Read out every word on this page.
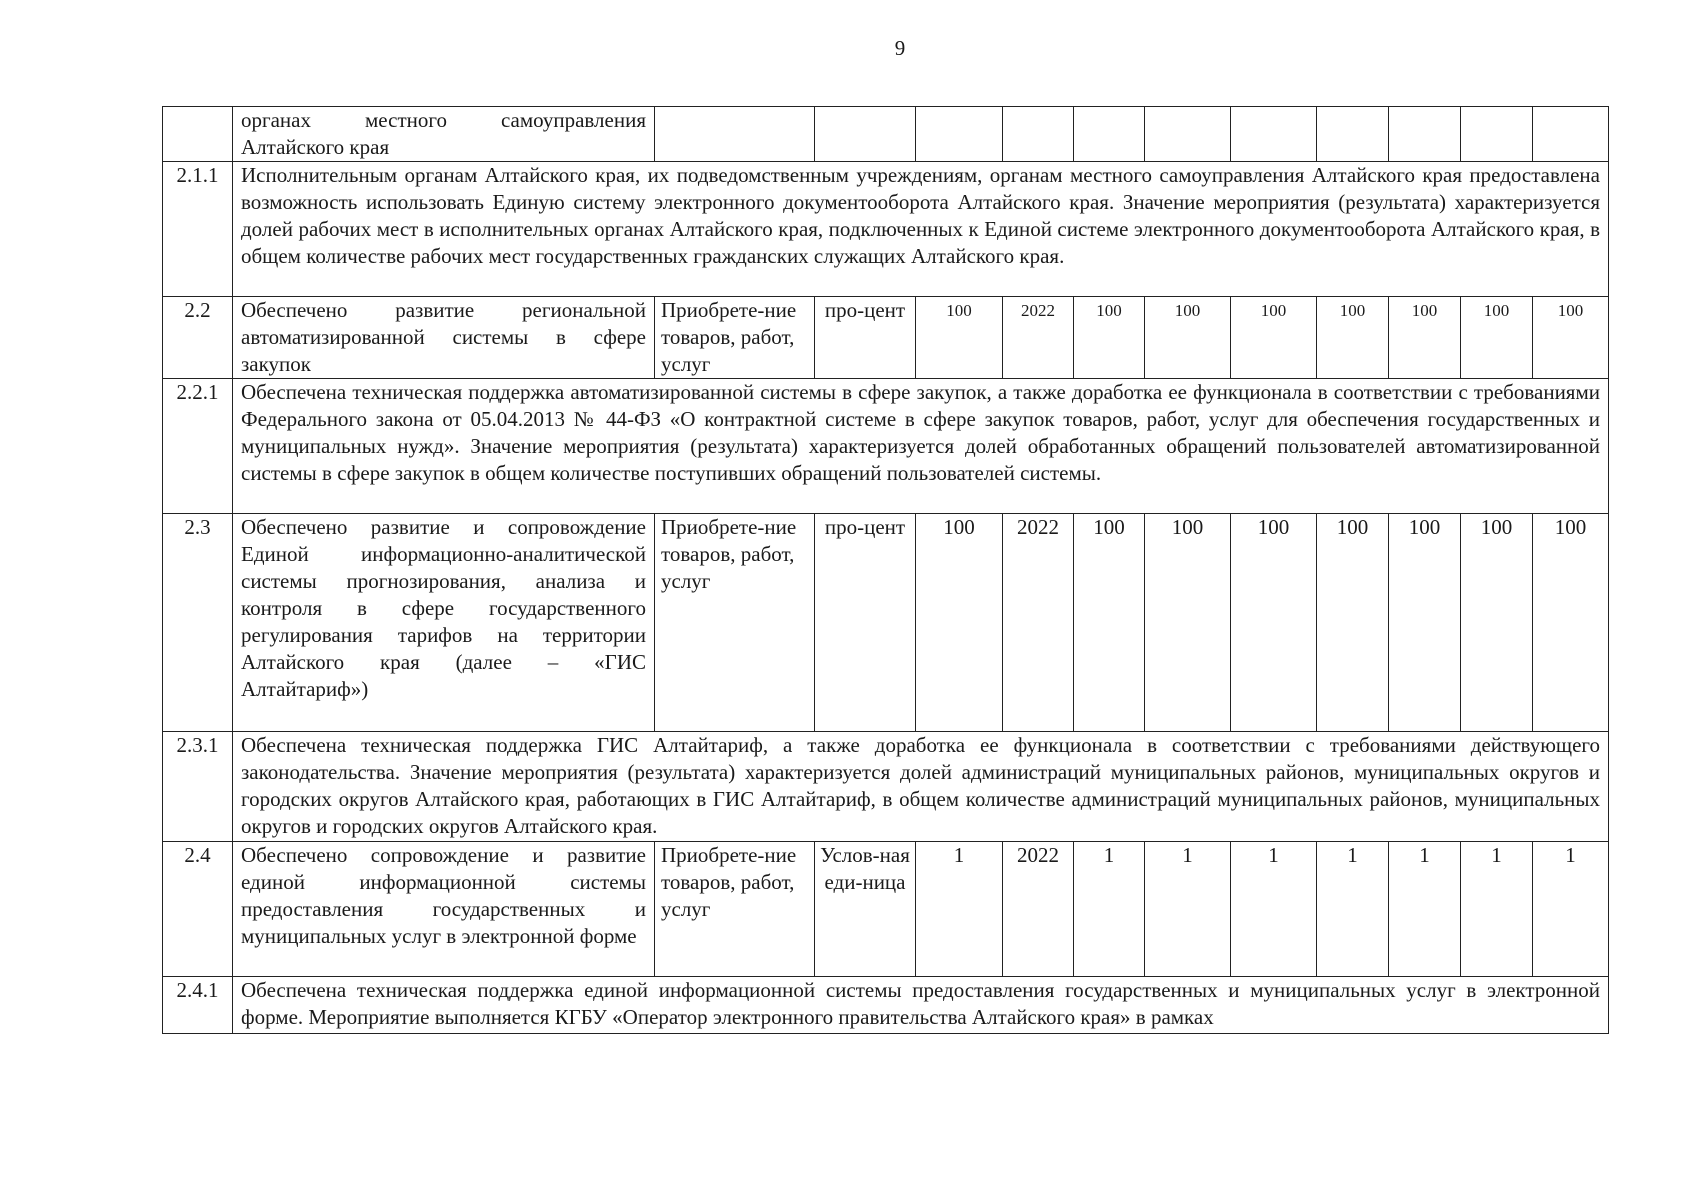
9
	органах местного самоуправления Алтайского края											
2.1.1	Исполнительным органам Алтайского края, их подведомственным учреждениям, органам местного самоуправления Алтайского края предоставлена возможность использовать Единую систему электронного документооборота Алтайского края. Значение мероприятия (результата) характеризуется долей рабочих мест в исполнительных органах Алтайского края, подключенных к Единой системе электронного документооборота Алтайского края, в общем количестве рабочих мест государственных гражданских служащих Алтайского края.											
2.2	Обеспечено развитие региональной автоматизированной системы в сфере закупок	Приобрете-ние товаров, работ, услуг	про-цент	100	2022	100	100	100	100	100	100	100
2.2.1	Обеспечена техническая поддержка автоматизированной системы в сфере закупок, а также доработка ее функционала в соответствии с требованиями Федерального закона от 05.04.2013 № 44-ФЗ «О контрактной системе в сфере закупок товаров, работ, услуг для обеспечения государственных и муниципальных нужд». Значение мероприятия (результата) характеризуется долей обработанных обращений пользователей автоматизированной системы в сфере закупок в общем количестве поступивших обращений пользователей системы.											
2.3	Обеспечено развитие и сопровождение Единой информационно-аналитической системы прогнозирования, анализа и контроля в сфере государственного регулирования тарифов на территории Алтайского края (далее – «ГИС Алтайтариф»)	Приобрете-ние товаров, работ, услуг	про-цент	100	2022	100	100	100	100	100	100	100
2.3.1	Обеспечена техническая поддержка ГИС Алтайтариф, а также доработка ее функционала в соответствии с требованиями действующего законодательства. Значение мероприятия (результата) характеризуется долей администраций муниципальных районов, муниципальных округов и городских округов Алтайского края, работающих в ГИС Алтайтариф, в общем количестве администраций муниципальных районов, муниципальных округов и городских округов Алтайского края.											
2.4	Обеспечено сопровождение и развитие единой информационной системы предоставления государственных и муниципальных услуг в электронной форме	Приобрете-ние товаров, работ, услуг	Услов-ная еди-ница	1	2022	1	1	1	1	1	1	1
2.4.1	Обеспечена техническая поддержка единой информационной системы предоставления государственных и муниципальных услуг в электронной форме. Мероприятие выполняется КГБУ «Оператор электронного правительства Алтайского края» в рамках											
